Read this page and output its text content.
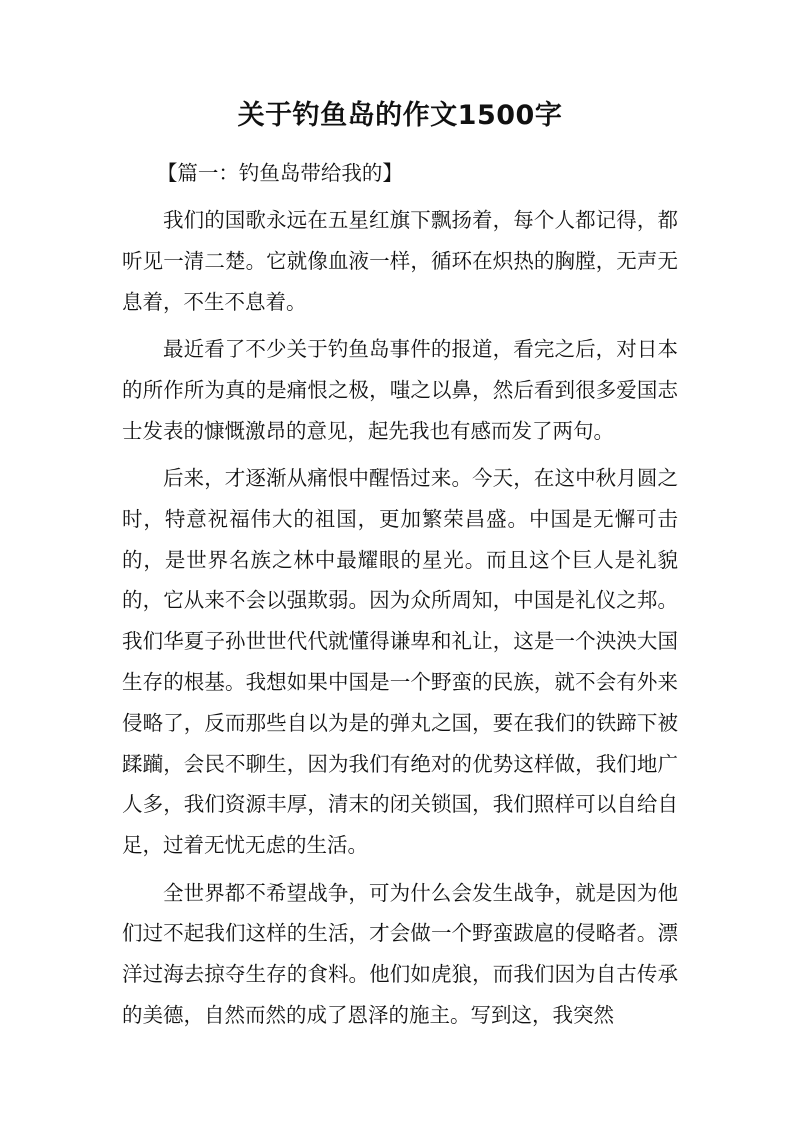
关于钓鱼岛的作文1500字

【篇一：钓鱼岛带给我的】

我们的国歌永远在五星红旗下飘扬着，每个人都记得，都听见一清二楚。它就像血液一样，循环在炽热的胸膛，无声无息着，不生不息着。

最近看了不少关于钓鱼岛事件的报道，看完之后，对日本的所作所为真的是痛恨之极，嗤之以鼻，然后看到很多爱国志士发表的慷慨激昂的意见，起先我也有感而发了两句。

后来，才逐渐从痛恨中醒悟过来。今天，在这中秋月圆之时，特意祝福伟大的祖国，更加繁荣昌盛。中国是无懈可击的，是世界名族之林中最耀眼的星光。而且这个巨人是礼貌的，它从来不会以强欺弱。因为众所周知，中国是礼仪之邦。我们华夏子孙世世代代就懂得谦卑和礼让，这是一个泱泱大国生存的根基。我想如果中国是一个野蛮的民族，就不会有外来侵略了，反而那些自以为是的弹丸之国，要在我们的铁蹄下被蹂躏，会民不聊生，因为我们有绝对的优势这样做，我们地广人多，我们资源丰厚，清末的闭关锁国，我们照样可以自给自足，过着无忧无虑的生活。

全世界都不希望战争，可为什么会发生战争，就是因为他们过不起我们这样的生活，才会做一个野蛮跋扈的侵略者。漂洋过海去掠夺生存的食料。他们如虎狼，而我们因为自古传承的美德，自然而然的成了恩泽的施主。写到这，我突然
